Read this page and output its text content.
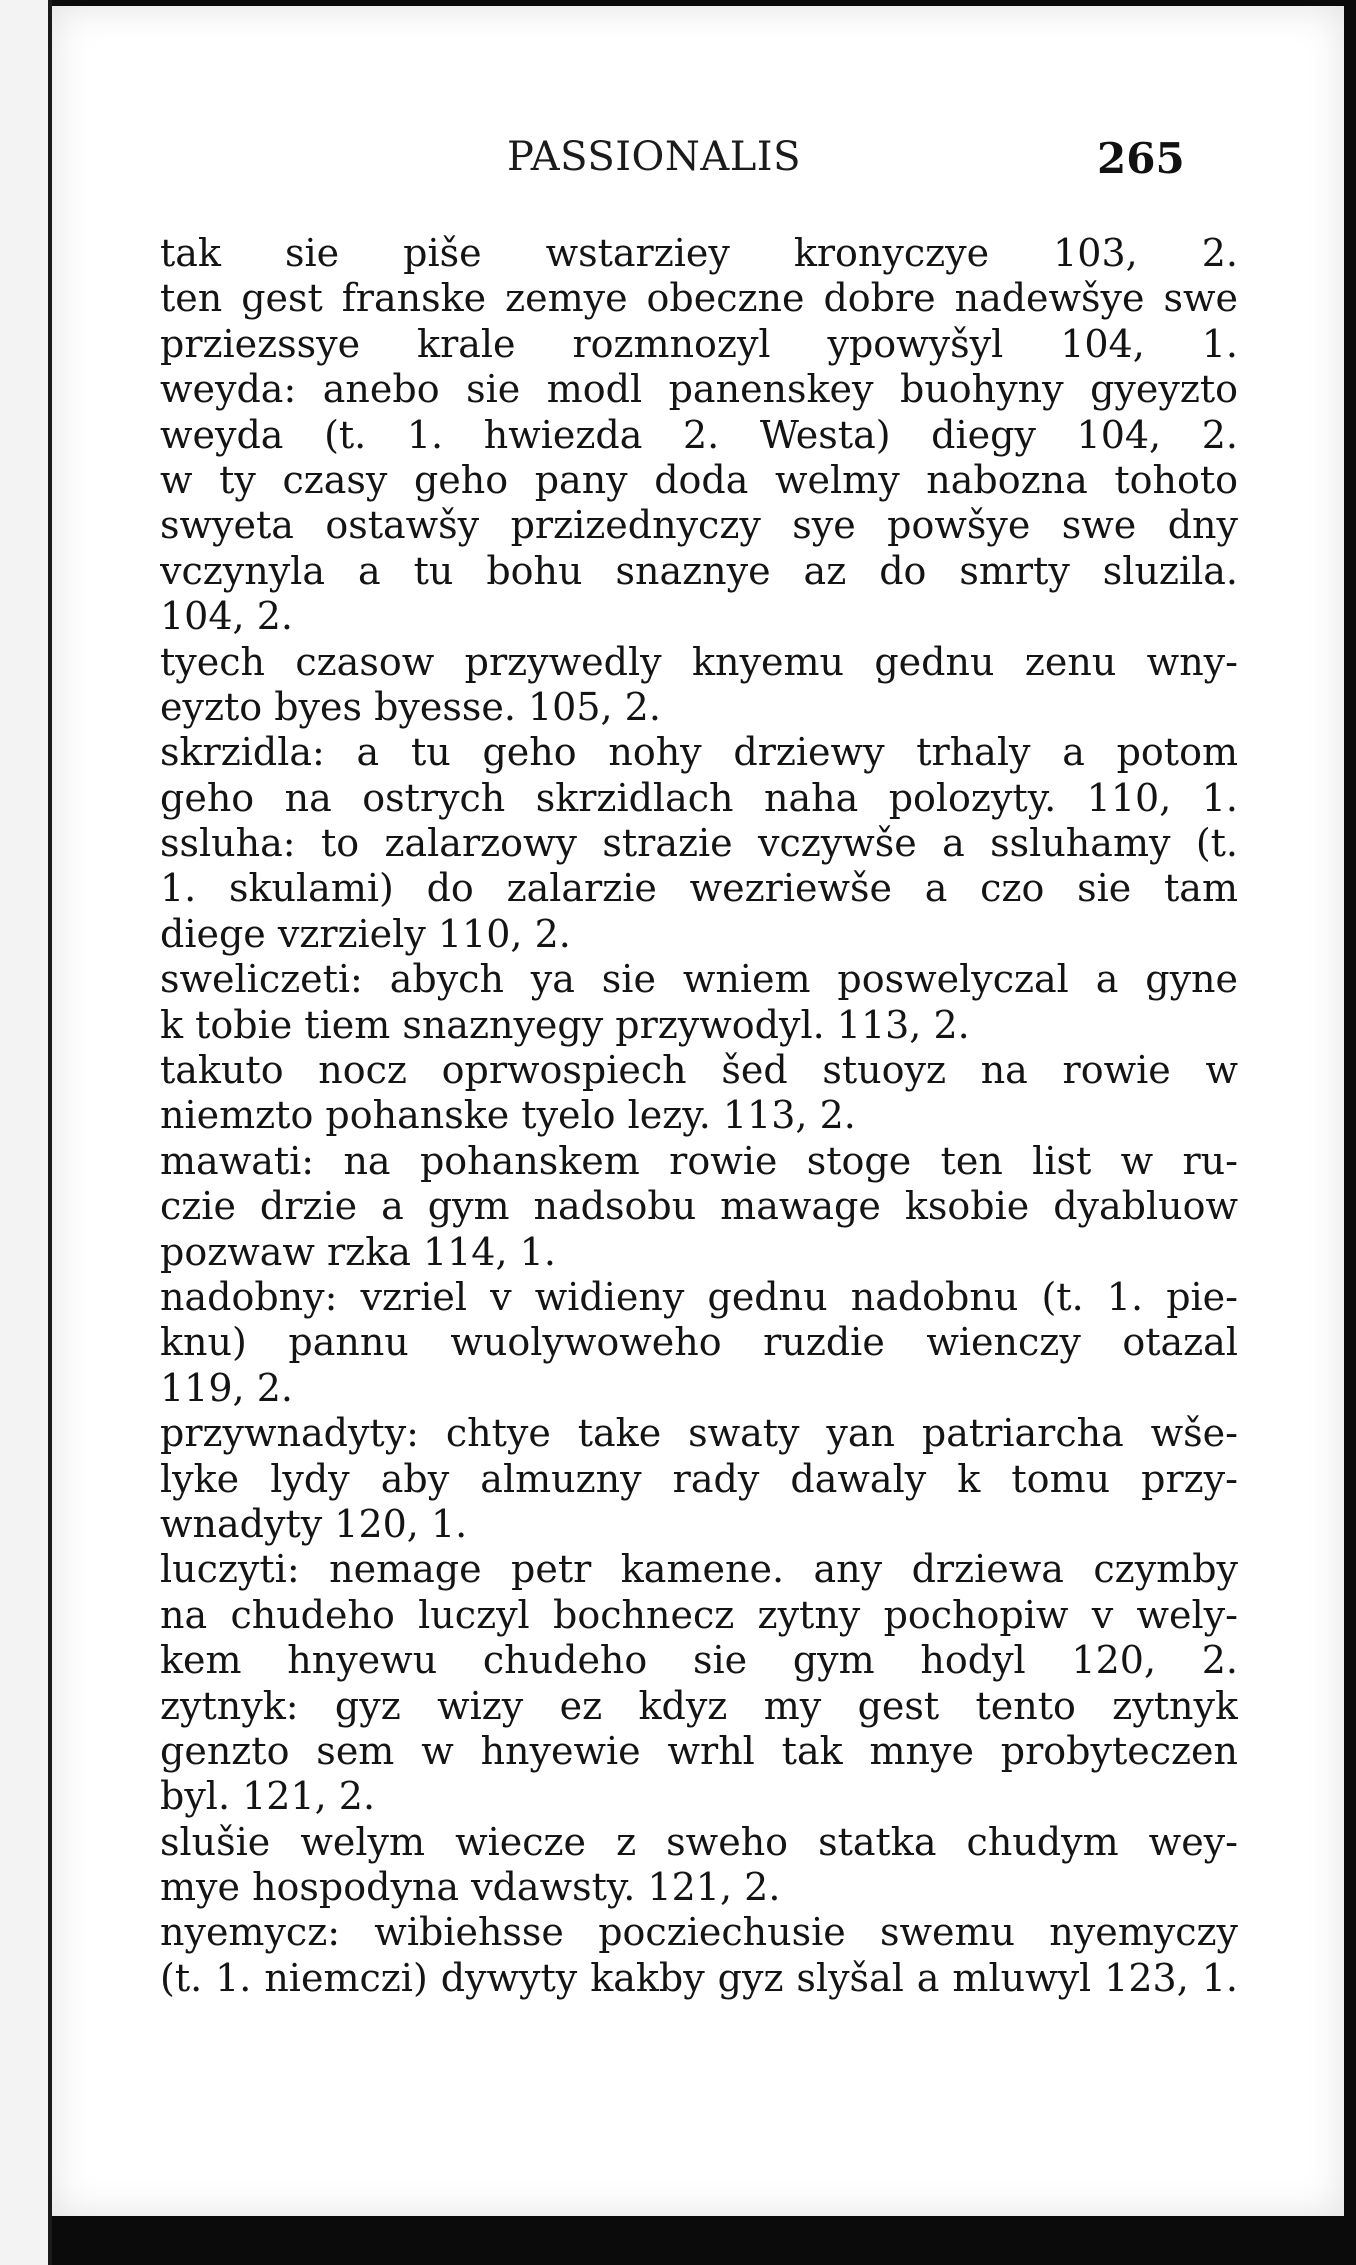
PASSIONALIS	265
tak sie piše wstarziey kronyczye 103, 2.
ten gest franske zemye obeczne dobre nadewšye swe
prziezssye krale rozmnozyl ypowyšyl 104, 1.
weyda: anebo sie modl panenskey buohyny gyeyzto
weyda (t. 1. hwiezda 2. Westa) diegy 104, 2.
w ty czasy geho pany doda welmy nabozna tohoto
swyeta ostawšy przizednyczy sye powšye swe dny
vczynyla a tu bohu snaznye az do smrty sluzila.
104, 2.
tyech czasow przywedly knyemu gednu zenu wny-
eyzto byes byesse. 105, 2.
skrzidla: a tu geho nohy drziewy trhaly a potom
geho na ostrych skrzidlach naha polozyty. 110, 1.
ssluha: to zalarzowy strazie vczywše a ssluhamy (t.
1. skulami) do zalarzie wezriewše a czo sie tam
diege vzrziely 110, 2.
sweliczeti: abych ya sie wniem poswelyczal a gyne
k tobie tiem snaznyegy przywodyl. 113, 2.
takuto nocz oprwospiech šed stuoyz na rowie w
niemzto pohanske tyelo lezy. 113, 2.
mawati: na pohanskem rowie stoge ten list w ru-
czie drzie a gym nadsobu mawage ksobie dyabluow
pozwaw rzka 114, 1.
nadobny: vzriel v widieny gednu nadobnu (t. 1. pie-
knu) pannu wuolywoweho ruzdie wienczy otazal
119, 2.
przywnadyty: chtye take swaty yan patriarcha wše-
lyke lydy aby almuzny rady dawaly k tomu przy-
wnadyty 120, 1.
luczyti: nemage petr kamene. any drziewa czymby
na chudeho luczyl bochnecz zytny pochopiw v wely-
kem hnyewu chudeho sie gym hodyl 120, 2.
zytnyk: gyz wizy ez kdyz my gest tento zytnyk
genzto sem w hnyewie wrhl tak mnye probyteczen
byl. 121, 2.
slušie welym wiecze z sweho statka chudym wey-
mye hospodyna vdawsty. 121, 2.
nyemycz: wibiehsse pocziechusie swemu nyemyczy
(t. 1. niemczi) dywyty kakby gyz slyšal a mluwyl 123, 1.
